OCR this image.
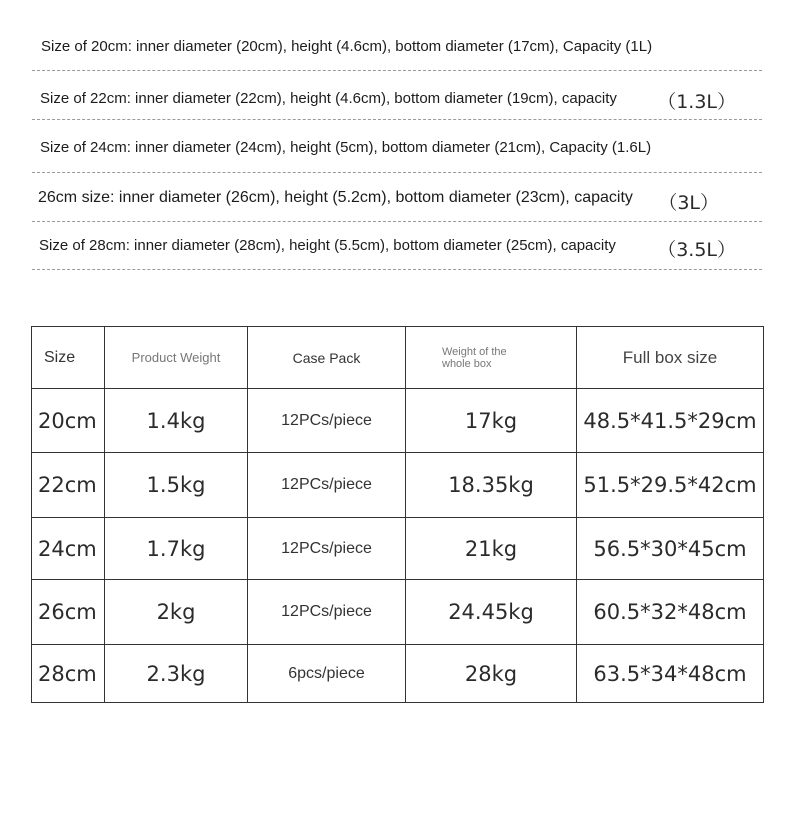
Size of 20cm: inner diameter (20cm), height (4.6cm), bottom diameter (17cm), Capacity (1L)
Size of 22cm: inner diameter (22cm), height (4.6cm), bottom diameter (19cm), capacity （1.3L）
Size of 24cm: inner diameter (24cm), height (5cm), bottom diameter (21cm), Capacity (1.6L)
26cm size: inner diameter (26cm), height (5.2cm), bottom diameter (23cm), capacity （3L）
Size of 28cm: inner diameter (28cm), height (5.5cm), bottom diameter (25cm), capacity （3.5L）
Size	Product Weight	Case Pack	Weight of the
whole box	Full box size
20cm	1.4kg	12PCs/piece	17kg	48.5*41.5*29cm
22cm	1.5kg	12PCs/piece	18.35kg	51.5*29.5*42cm
24cm	1.7kg	12PCs/piece	21kg	56.5*30*45cm
26cm	2kg	12PCs/piece	24.45kg	60.5*32*48cm
28cm	2.3kg	6pcs/piece	28kg	63.5*34*48cm
